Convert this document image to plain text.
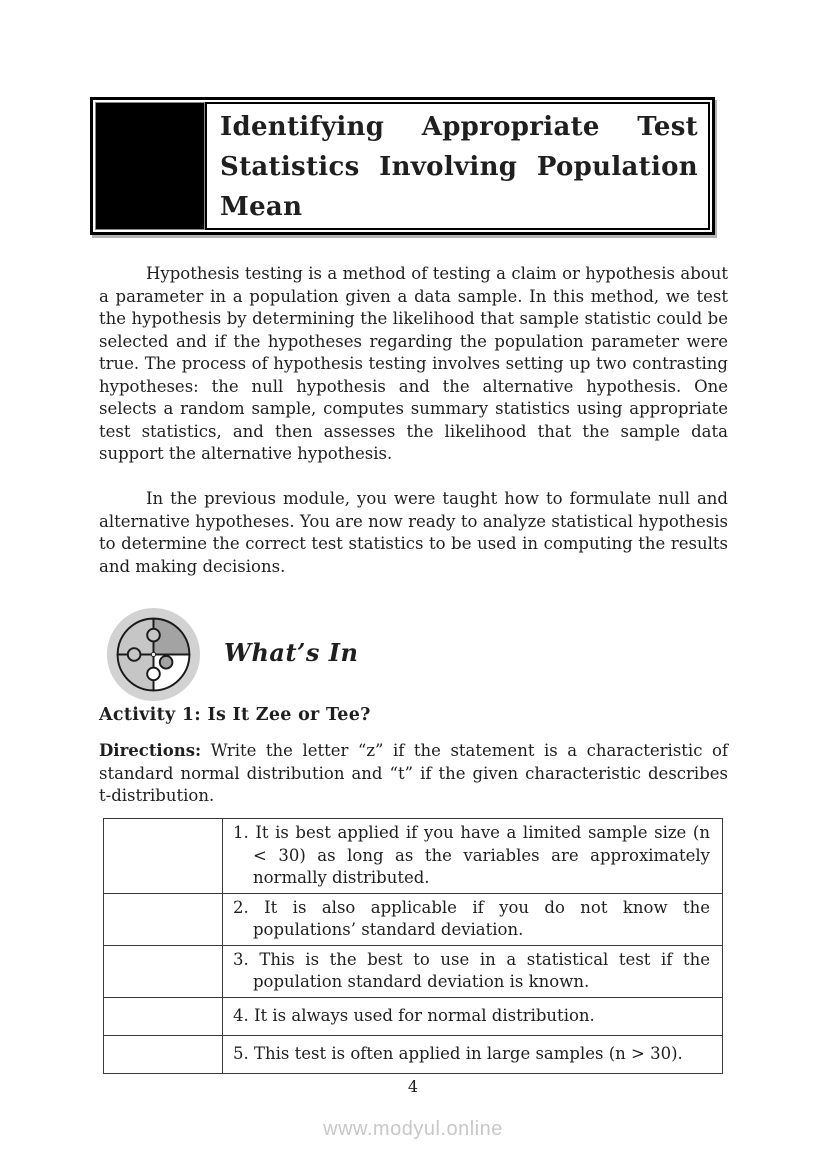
Identifying Appropriate Test Statistics Involving Population Mean

Hypothesis testing is a method of testing a claim or hypothesis about a parameter in a population given a data sample. In this method, we test the hypothesis by determining the likelihood that sample statistic could be selected and if the hypotheses regarding the population parameter were true. The process of hypothesis testing involves setting up two contrasting hypotheses: the null hypothesis and the alternative hypothesis. One selects a random sample, computes summary statistics using appropriate test statistics, and then assesses the likelihood that the sample data support the alternative hypothesis.

In the previous module, you were taught how to formulate null and alternative hypotheses. You are now ready to analyze statistical hypothesis to determine the correct test statistics to be used in computing the results and making decisions.

What’s In
Activity 1: Is It Zee or Tee?

Directions: Write the letter “z” if the statement is a characteristic of standard normal distribution and “t” if the given characteristic describes t-distribution.

	1. It is best applied if you have a limited sample size (n < 30) as long as the variables are approximately normally distributed.

	2. It is also applicable if you do not know the populations’ standard deviation.

	3. This is the best to use in a statistical test if the population standard deviation is known.

	4. It is always used for normal distribution.

	5. This test is often applied in large samples (n > 30).
4
www.modyul.online
